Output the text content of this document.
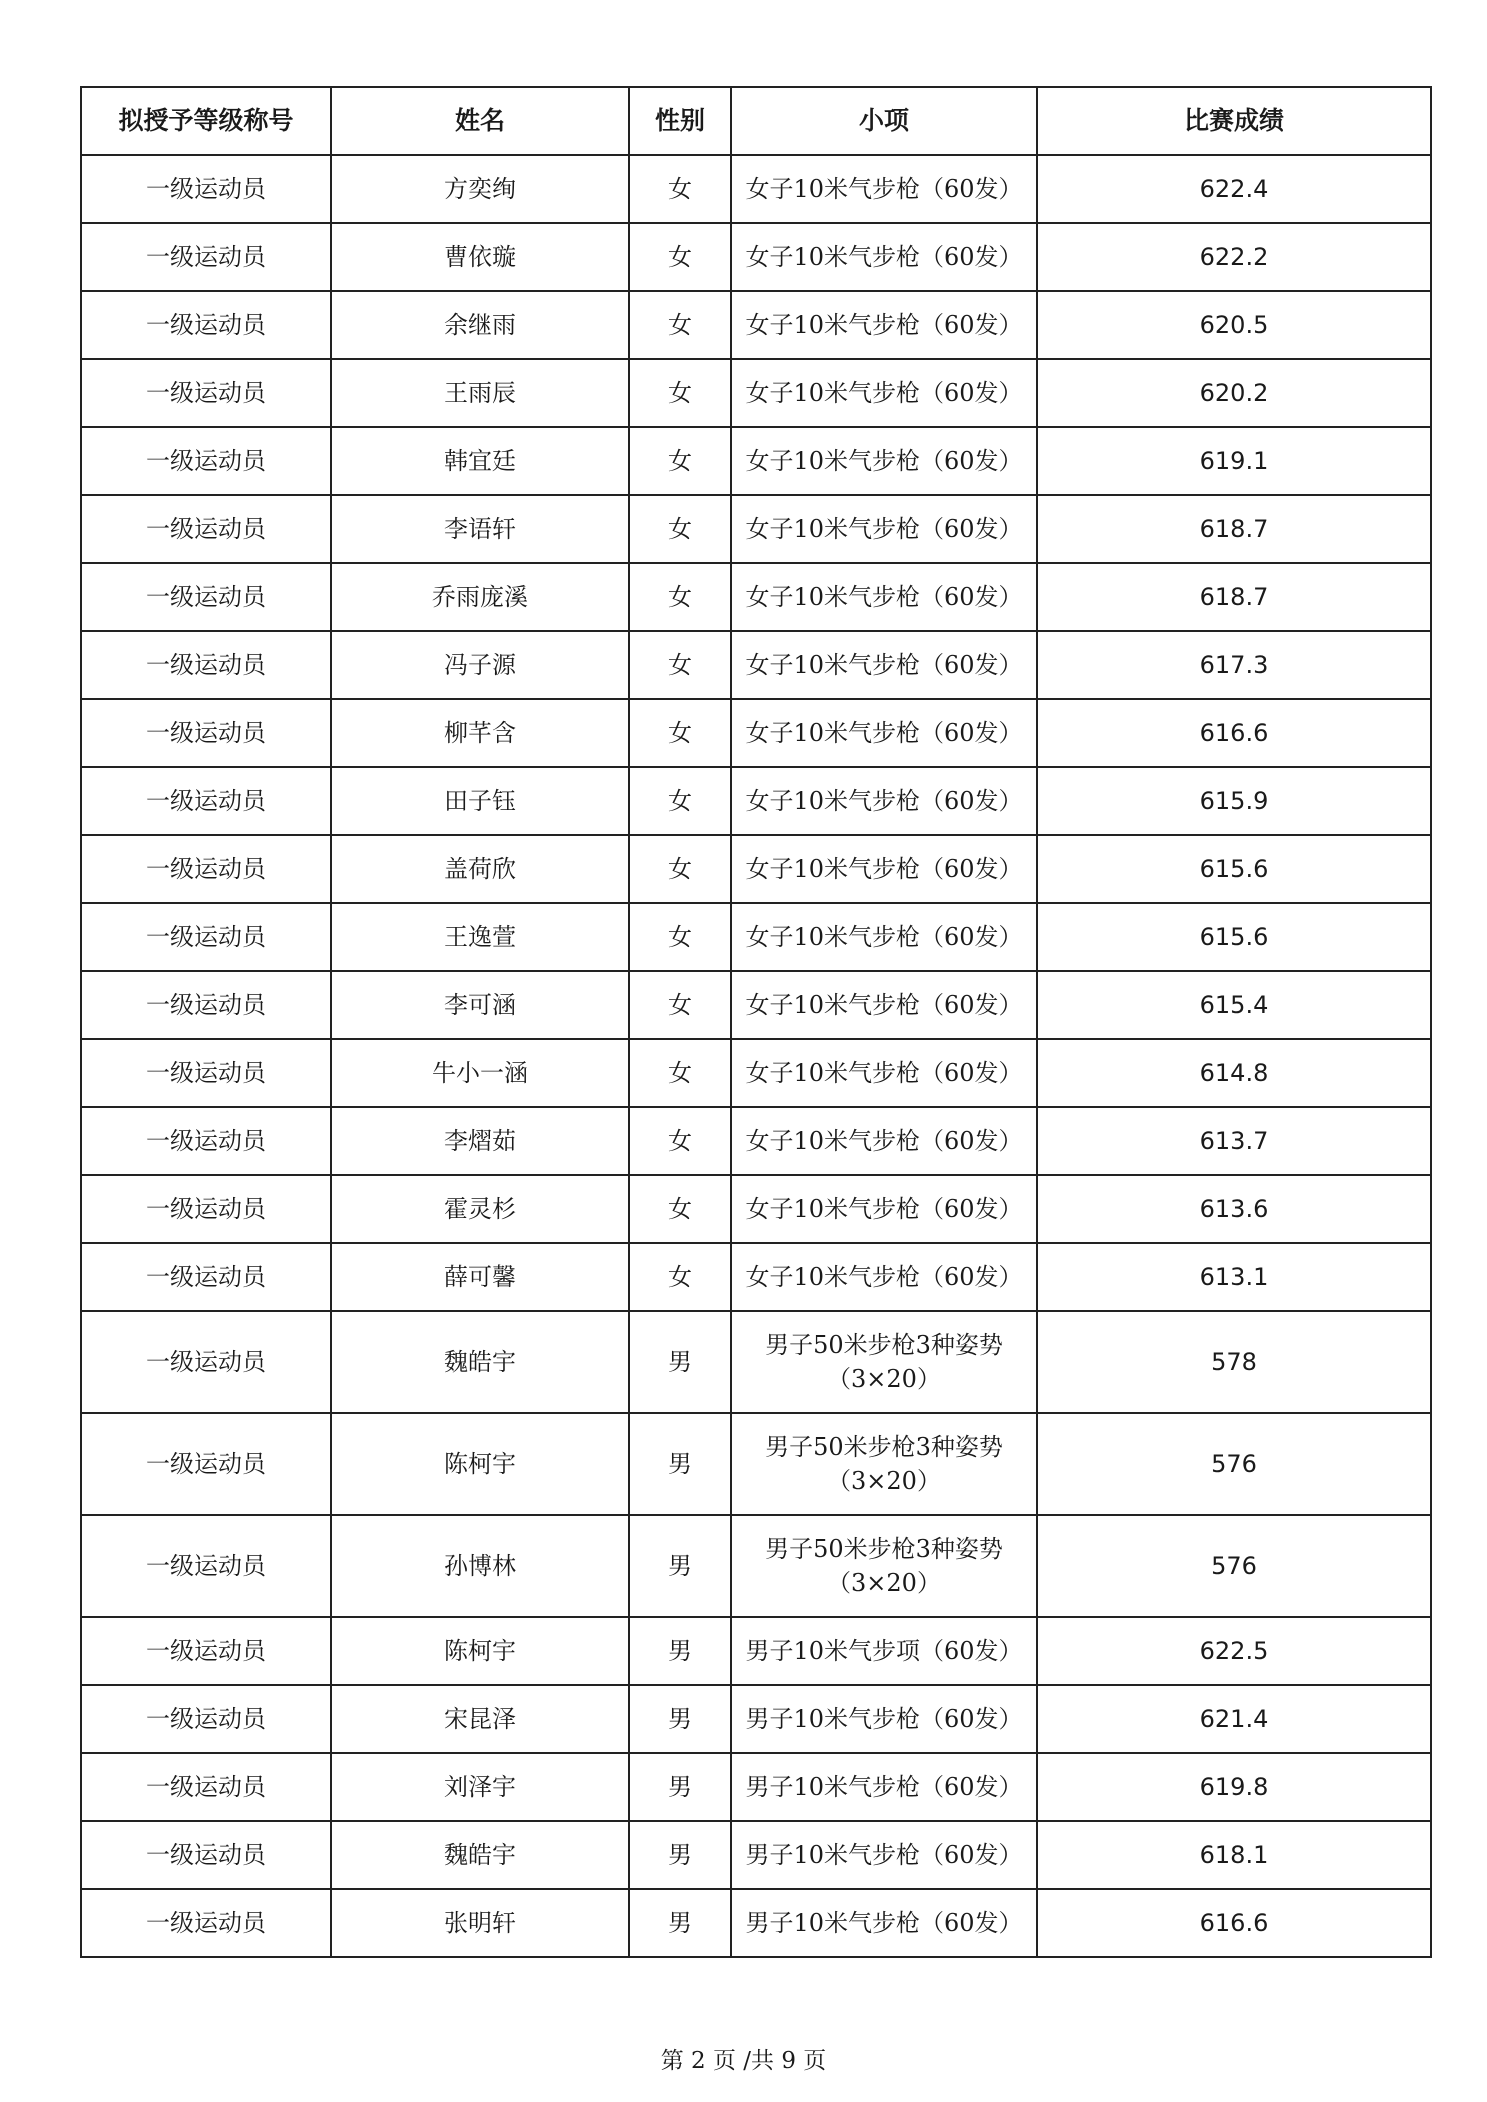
拟授予等级称号	姓名	性别	小项	比赛成绩
一级运动员	方奕绚	女	女子10米气步枪（60发）	622.4
一级运动员	曹依璇	女	女子10米气步枪（60发）	622.2
一级运动员	余继雨	女	女子10米气步枪（60发）	620.5
一级运动员	王雨辰	女	女子10米气步枪（60发）	620.2
一级运动员	韩宜廷	女	女子10米气步枪（60发）	619.1
一级运动员	李语轩	女	女子10米气步枪（60发）	618.7
一级运动员	乔雨庞溪	女	女子10米气步枪（60发）	618.7
一级运动员	冯子源	女	女子10米气步枪（60发）	617.3
一级运动员	柳芊含	女	女子10米气步枪（60发）	616.6
一级运动员	田子钰	女	女子10米气步枪（60发）	615.9
一级运动员	盖荷欣	女	女子10米气步枪（60发）	615.6
一级运动员	王逸萱	女	女子10米气步枪（60发）	615.6
一级运动员	李可涵	女	女子10米气步枪（60发）	615.4
一级运动员	牛小一涵	女	女子10米气步枪（60发）	614.8
一级运动员	李熠茹	女	女子10米气步枪（60发）	613.7
一级运动员	霍灵杉	女	女子10米气步枪（60发）	613.6
一级运动员	薛可馨	女	女子10米气步枪（60发）	613.1
一级运动员	魏皓宇	男	男子50米步枪3种姿势
（3×20）	578
一级运动员	陈柯宇	男	男子50米步枪3种姿势
（3×20）	576
一级运动员	孙博林	男	男子50米步枪3种姿势
（3×20）	576
一级运动员	陈柯宇	男	男子10米气步项（60发）	622.5
一级运动员	宋昆泽	男	男子10米气步枪（60发）	621.4
一级运动员	刘泽宇	男	男子10米气步枪（60发）	619.8
一级运动员	魏皓宇	男	男子10米气步枪（60发）	618.1
一级运动员	张明轩	男	男子10米气步枪（60发）	616.6
第 2 页 /共 9 页
